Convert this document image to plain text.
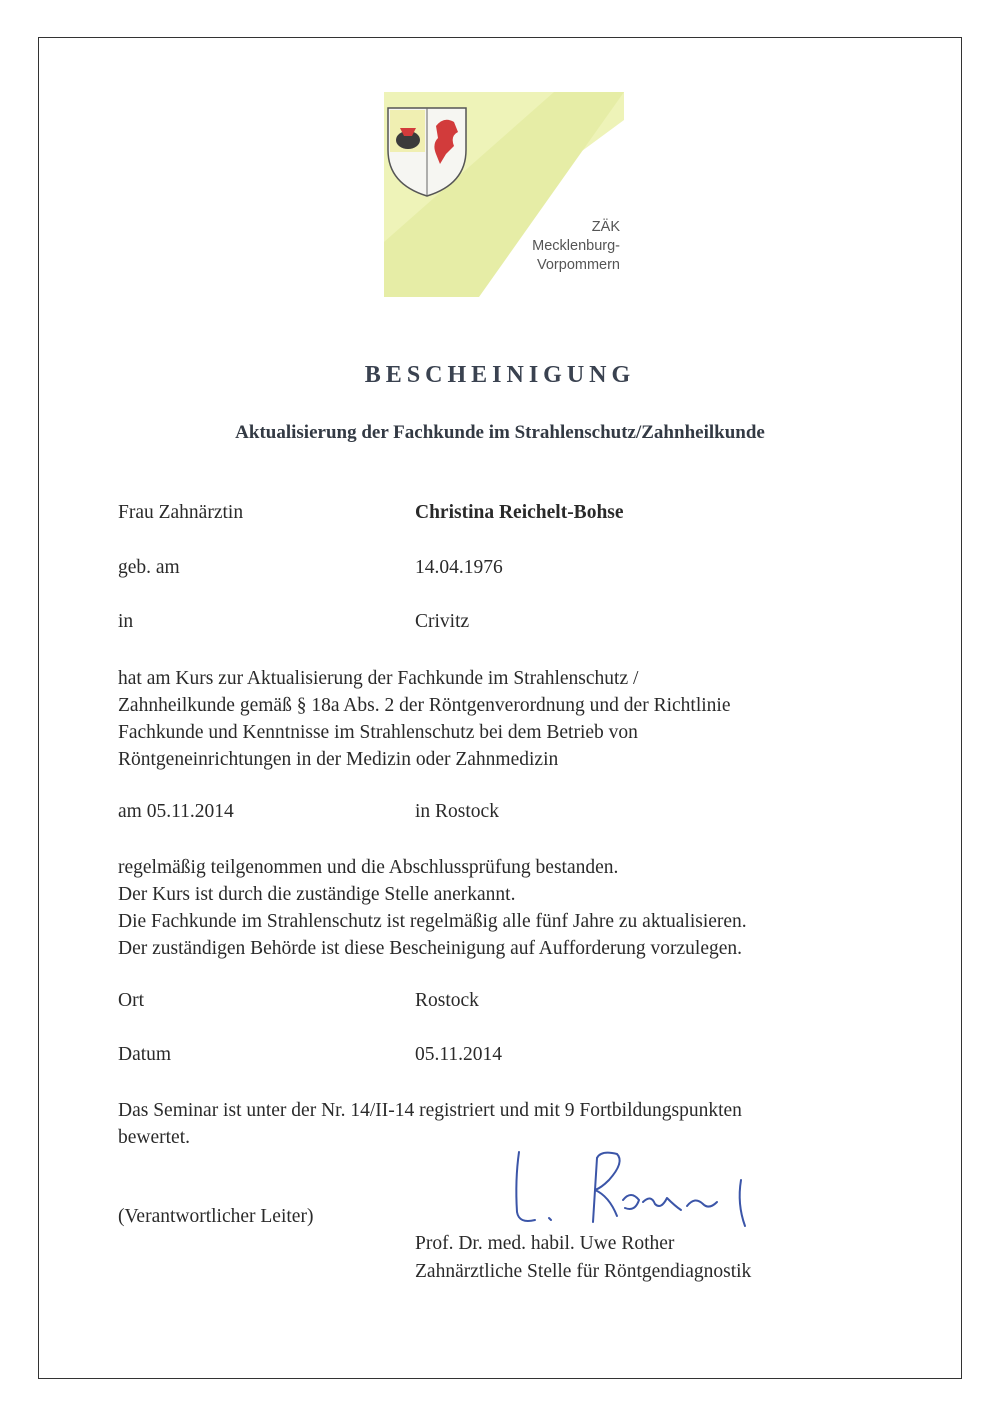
ZÄK
Mecklenburg-
Vorpommern
BESCHEINIGUNG
Aktualisierung der Fachkunde im Strahlenschutz/Zahnheilkunde
Frau Zahnärztin	Christina Reichelt-Bohse
geb. am	14.04.1976
in	Crivitz
hat am Kurs zur Aktualisierung der Fachkunde im Strahlenschutz /
Zahnheilkunde gemäß § 18a Abs. 2 der Röntgenverordnung und der Richtlinie
Fachkunde und Kenntnisse im Strahlenschutz bei dem Betrieb von
Röntgeneinrichtungen in der Medizin oder Zahnmedizin
am 05.11.2014	in Rostock
regelmäßig teilgenommen und die Abschlussprüfung bestanden.
Der Kurs ist durch die zuständige Stelle anerkannt.
Die Fachkunde im Strahlenschutz ist regelmäßig alle fünf Jahre zu aktualisieren.
Der zuständigen Behörde ist diese Bescheinigung auf Aufforderung vorzulegen.
Ort	Rostock
Datum	05.11.2014
Das Seminar ist unter der Nr. 14/II-14 registriert und mit 9 Fortbildungspunkten
bewertet.
(Verantwortlicher Leiter)
Prof. Dr. med. habil. Uwe Rother
Zahnärztliche Stelle für Röntgendiagnostik
